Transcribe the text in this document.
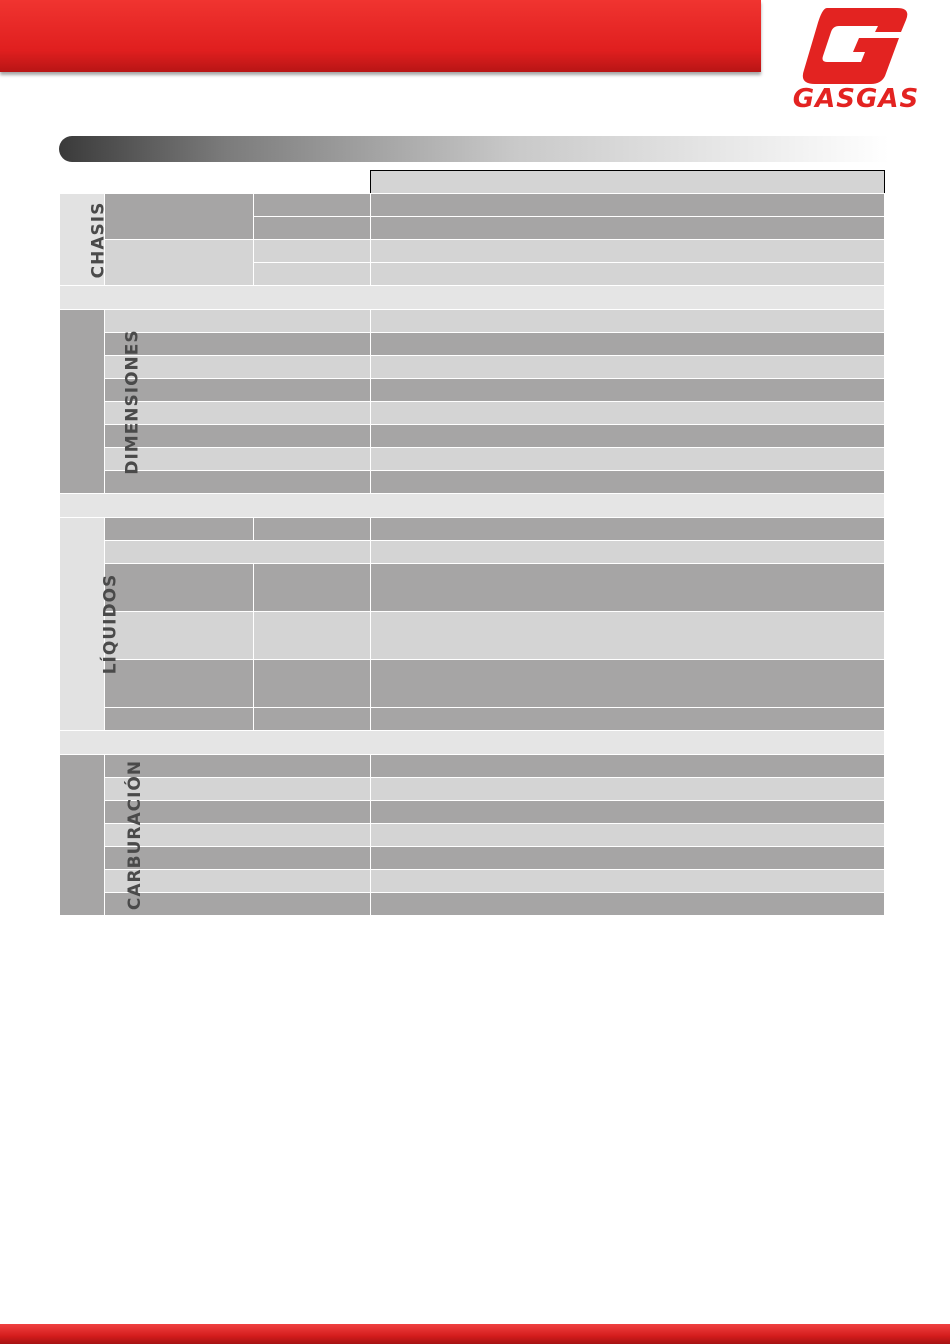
GASGAS

CHASIS			

DIMENSIONES			

LÍQUIDOS			

CARBURACIÓN			
